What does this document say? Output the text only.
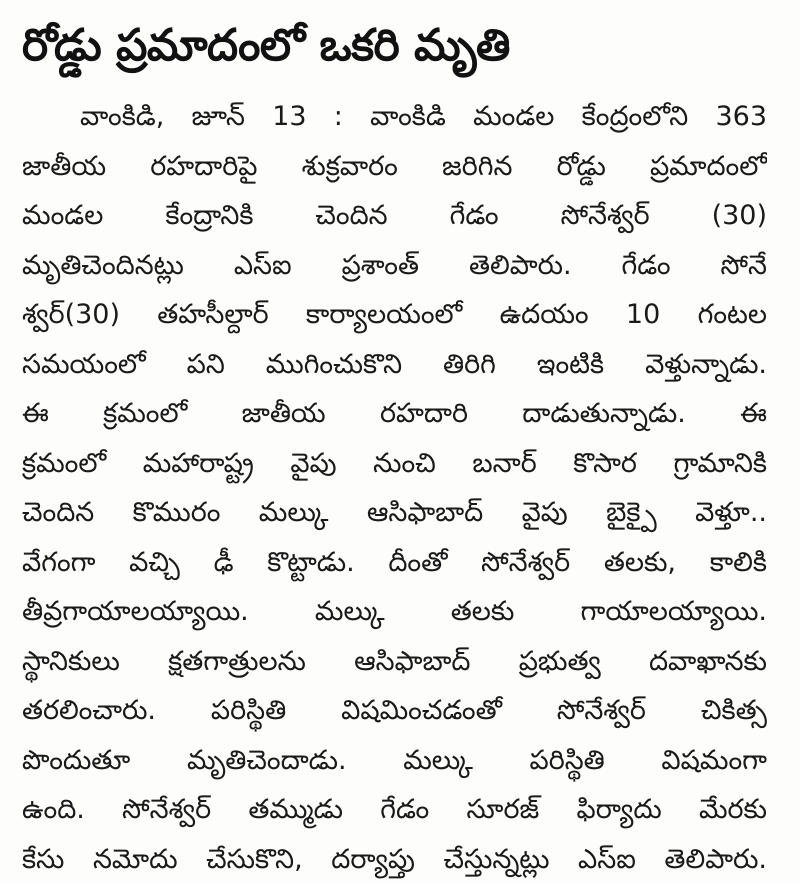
రోడ్డు ప్రమాదంలో ఒకరి మృతి
వాంకిడి, జూన్ 13 : వాంకిడి మండల కేంద్రంలోని 363
జాతీయ రహదారిపై శుక్రవారం జరిగిన రోడ్డు ప్రమాదంలో
మండల కేంద్రానికి చెందిన గేడం సోనేశ్వర్ (30)
మృతిచెందినట్లు ఎస్ఐ ప్రశాంత్ తెలిపారు. గేడం సోనే
శ్వర్(30) తహసీల్దార్ కార్యాలయంలో ఉదయం 10 గంటల
సమయంలో పని ముగించుకొని తిరిగి ఇంటికి వెళ్తున్నాడు.
ఈ క్రమంలో జాతీయ రహదారి దాడుతున్నాడు. ఈ
క్రమంలో మహారాష్ట్ర వైపు నుంచి బనార్ కొసార గ్రామానికి
చెందిన కొమురం మల్కు ఆసిఫాబాద్ వైపు బైక్పై వెళ్తూ..
వేగంగా వచ్చి ఢీ కొట్టాడు. దీంతో సోనేశ్వర్ తలకు, కాలికి
తీవ్రగాయాలయ్యాయి. మల్కు తలకు గాయాలయ్యాయి.
స్థానికులు క్షతగాత్రులను ఆసిఫాబాద్ ప్రభుత్వ దవాఖానకు
తరలించారు. పరిస్థితి విషమించడంతో సోనేశ్వర్ చికిత్స
పొందుతూ మృతిచెందాడు. మల్కు పరిస్థితి విషమంగా
ఉంది. సోనేశ్వర్ తమ్ముడు గేడం సూరజ్ ఫిర్యాదు మేరకు
కేసు నమోదు చేసుకొని, దర్యాప్తు చేస్తున్నట్లు ఎస్ఐ తెలిపారు.
